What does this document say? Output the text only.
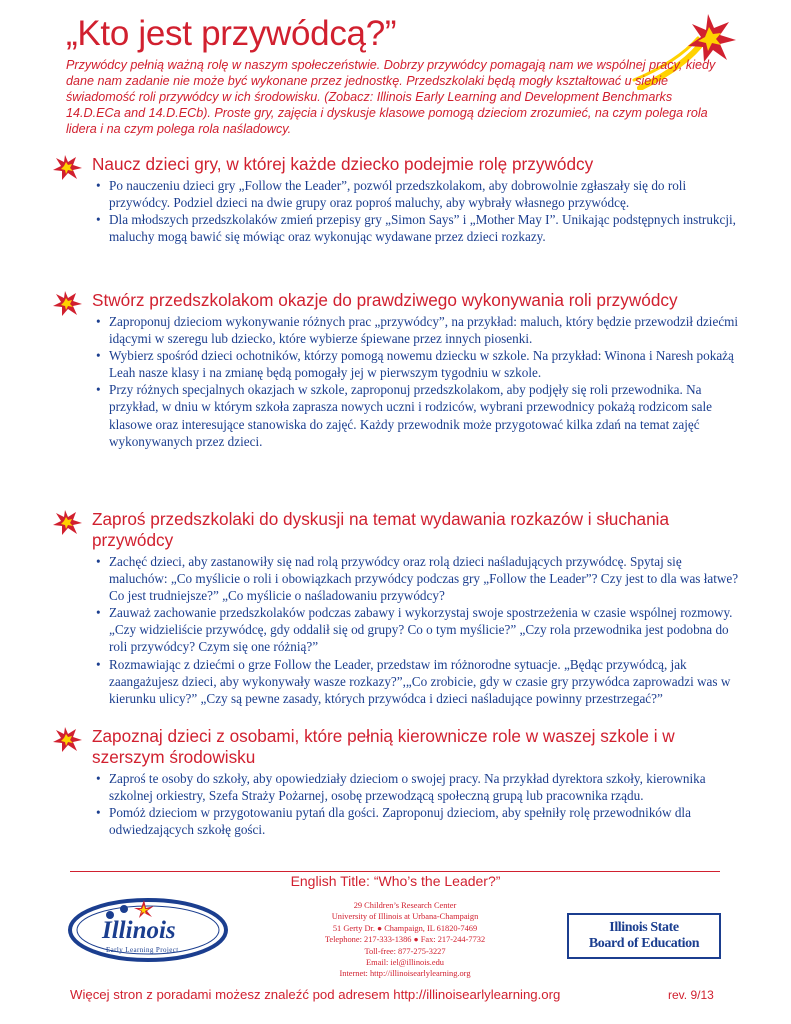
„Kto jest przywódcą?”

Przywódcy pełnią ważną rolę w naszym społeczeństwie. Dobrzy przywódcy pomagają nam we wspólnej pracy, kiedy dane nam zadanie nie może być wykonane przez jednostkę. Przedszkolaki będą mogły kształtować u siebie świadomość roli przywódcy w ich środowisku. (Zobacz: Illinois Early Learning and Development Benchmarks 14.D.ECa and 14.D.ECb). Proste gry, zajęcia i dyskusje klasowe pomogą dzieciom zrozumieć, na czym polega rola lidera i na czym polega rola naśladowcy.

Naucz dzieci gry, w której każde dziecko podejmie rolę przywódcy
• Po nauczeniu dzieci gry „Follow the Leader”, pozwól przedszkolakom, aby dobrowolnie zgłaszały się do roli przywódcy. Podziel dzieci na dwie grupy oraz poproś maluchy, aby wybrały własnego przywódcę.
• Dla młodszych przedszkolaków zmień przepisy gry „Simon Says” i „Mother May I”. Unikając podstępnych instrukcji, maluchy mogą bawić się mówiąc oraz wykonując wydawane przez dzieci rozkazy.
Stwórz przedszkolakom okazje do prawdziwego wykonywania roli przywódcy
• Zaproponuj dzieciom wykonywanie różnych prac „przywódcy”, na przykład: maluch, który będzie przewodził dziećmi idącymi w szeregu lub dziecko, które wybierze śpiewane przez innych piosenki.
• Wybierz spośród dzieci ochotników, którzy pomogą nowemu dziecku w szkole. Na przykład: Winona i Naresh pokażą Leah nasze klasy i na zmianę będą pomogały jej w pierwszym tygodniu w szkole.
• Przy różnych specjalnych okazjach w szkole, zaproponuj przedszkolakom, aby podjęły się roli przewodnika. Na przykład, w dniu w którym szkoła zaprasza nowych uczni i rodziców, wybrani przewodnicy pokażą rodzicom sale klasowe oraz interesujące stanowiska do zajęć. Każdy przewodnik może przygotować kilka zdań na temat zajęć wykonywanych przez dzieci.
Zaproś przedszkolaki do dyskusji na temat wydawania rozkazów i słuchania przywódcy
• Zachęć dzieci, aby zastanowiły się nad rolą przywódcy oraz rolą dzieci naśladujących przywódcę. Spytaj się maluchów: „Co myślicie o roli i obowiązkach przywódcy podczas gry „Follow the Leader”? Czy jest to dla was łatwe? Co jest trudniejsze?” „Co myślicie o naśladowaniu przywódcy?
• Zauważ zachowanie przedszkolaków podczas zabawy i wykorzystaj swoje spostrzeżenia w czasie wspólnej rozmowy. „Czy widzieliście przywódcę, gdy oddalił się od grupy? Co o tym myślicie?” „Czy rola przewodnika jest podobna do roli przywódcy? Czym się one różnią?”
• Rozmawiając z dziećmi o grze Follow the Leader, przedstaw im różnorodne sytuacje. „Będąc przywódcą, jak zaangażujesz dzieci, aby wykonywały wasze rozkazy?”,„Co zrobicie, gdy w czasie gry przywódca zaprowadzi was w kierunku ulicy?” „Czy są pewne zasady, których przywódca i dzieci naśladujące powinny przestrzegać?”
Zapoznaj dzieci z osobami, które pełnią kierownicze role w waszej szkole i w szerszym środowisku
• Zaproś te osoby do szkoły, aby opowiedziały dzieciom o swojej pracy. Na przykład dyrektora szkoły, kierownika szkolnej orkiestry, Szefa Straży Pożarnej, osobę przewodzącą społeczną grupą lub pracownika rządu.
• Pomóż dzieciom w przygotowaniu pytań dla gości. Zaproponuj dzieciom, aby spełniły rolę przewodników dla odwiedzających szkołę gości.
English Title: “Who’s the Leader?”
Illinois
Early Learning Project
29 Children’s Research Center
University of Illinois at Urbana-Champaign
51 Gerty Dr. ● Champaign, IL 61820-7469
Telephone: 217-333-1386 ● Fax: 217-244-7732
Toll-free: 877-275-3227
Email: iel@illinois.edu
Internet: http://illinoisearlylearning.org
Illinois State
Board of Education
Więcej stron z poradami możesz znaleźć pod adresem http://illinoisearlylearning.org	rev. 9/13
